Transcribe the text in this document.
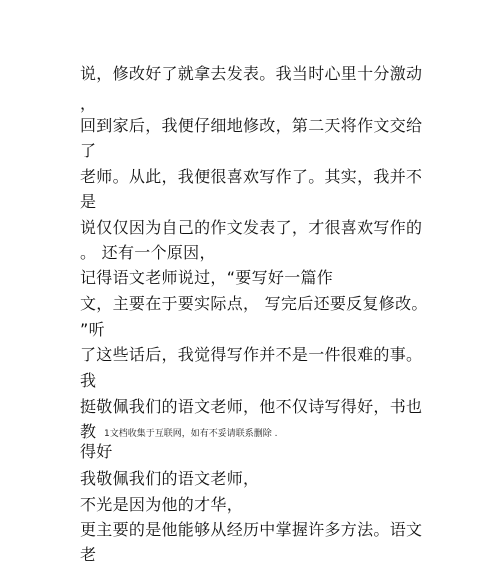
说，修改好了就拿去发表。我当时心里十分激动
，
回到家后，我便仔细地修改，第二天将作文交给
了
老师。从此，我便很喜欢写作了。其实，我并不
是
说仅仅因为自己的作文发表了，才很喜欢写作的
。 还有一个原因，
记得语文老师说过，“要写好一篇作
文，主要在于要实际点， 写完后还要反复修改。
”听
了这些话后，我觉得写作并不是一件很难的事。
我
挺敬佩我们的语文老师，他不仅诗写得好，书也
教 1文档收集于互联网，如有不妥请联系删除 .
得好
我敬佩我们的语文老师，
不光是因为他的才华，
更主要的是他能够从经历中掌握许多方法。语文
老
